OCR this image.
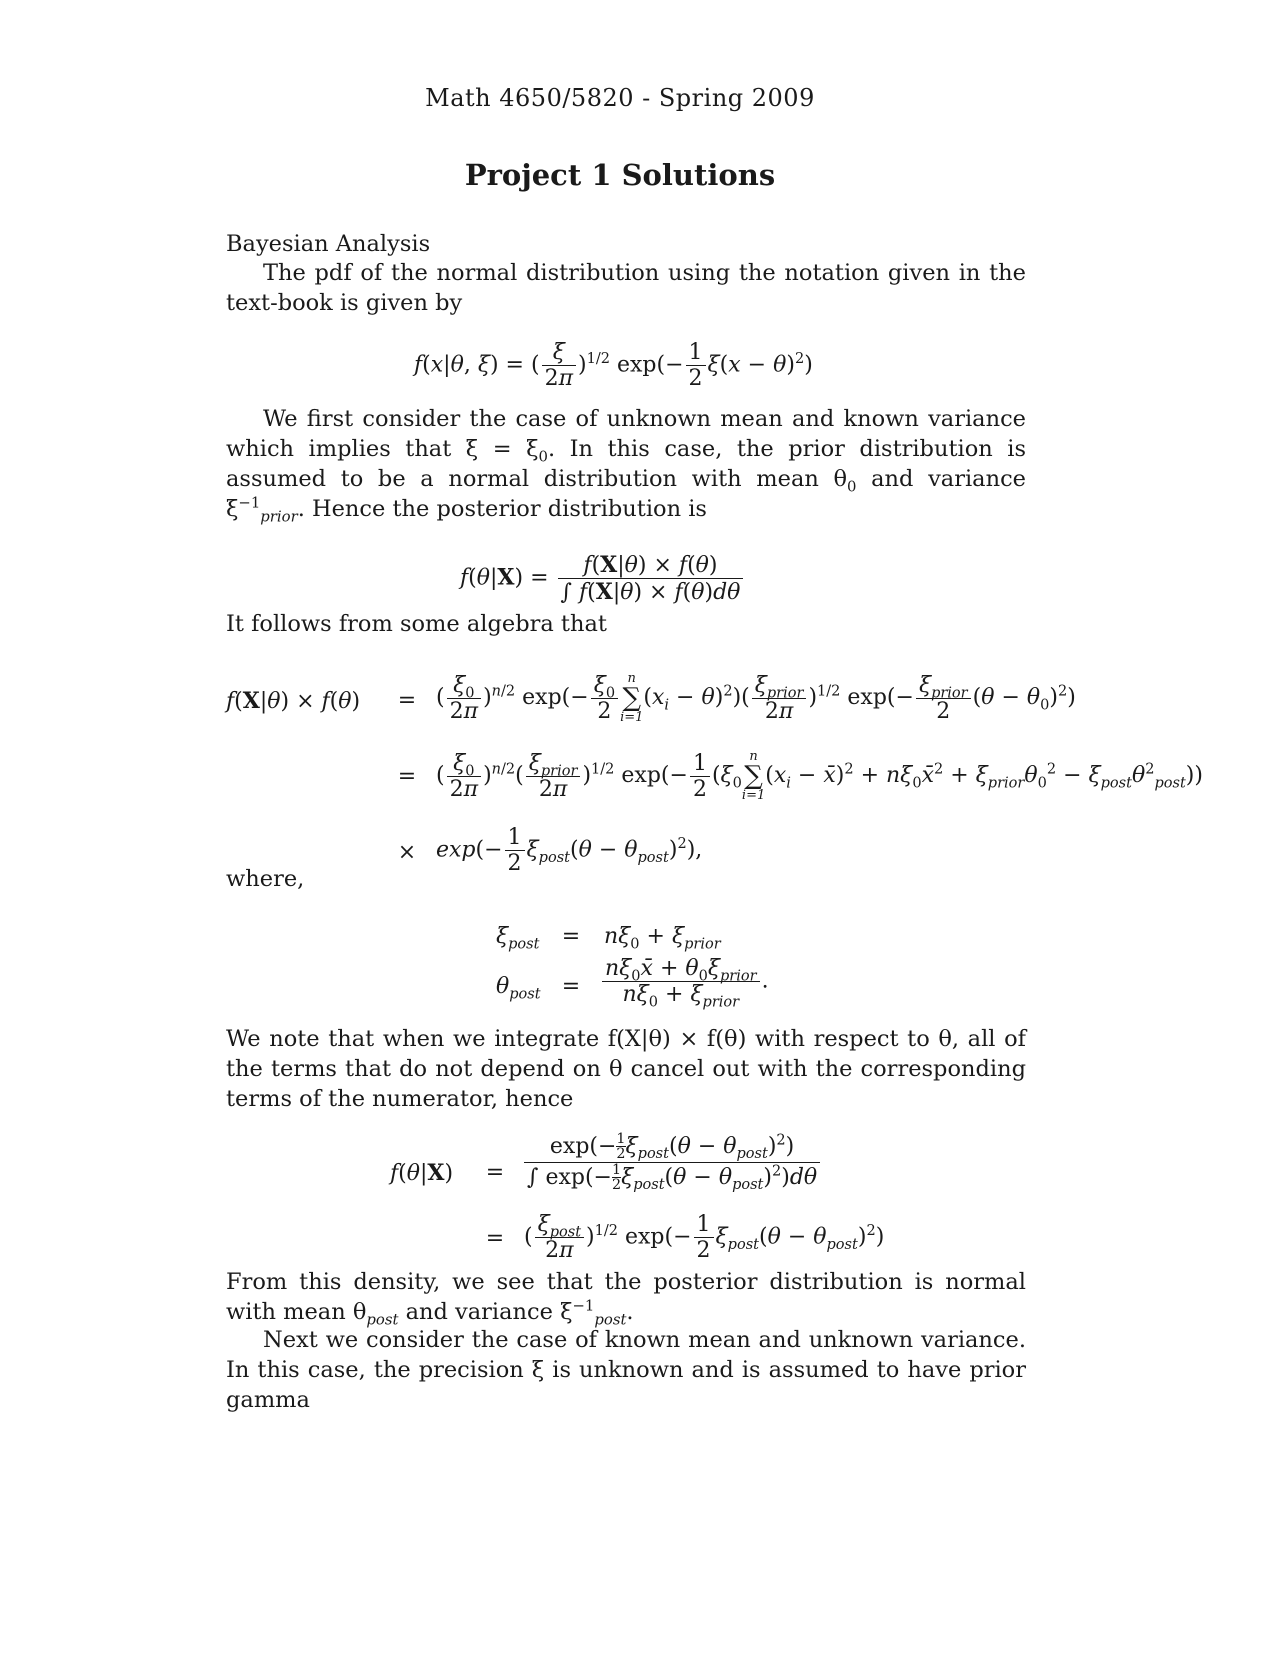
Math 4650/5820 - Spring 2009
Project 1 Solutions
Bayesian Analysis
The pdf of the normal distribution using the notation given in the text-book is given by
f(x|θ, ξ) = ( $\frac{\xi}{2\pi} )^{1/2}$ $\exp(- \frac{1}{2} \xi(x - \theta)^2)$
We first consider the case of unknown mean and known variance which implies that $\xi = \xi_0$. In this case, the prior distribution is assumed to be a normal distribution with mean $\theta_0$ and variance $\xi^{-1}_{prior}$. Hence the posterior distribution is
$f(\theta|X) = \frac{f(X|\theta) \times f(\theta)}{\int f(X|\theta) \times f(\theta)d\theta}$
It follows from some algebra that
f(X|θ) × f(θ) = ( $\frac{\xi_0}{2\pi} )^{n/2}$ $\exp(- \frac{\xi_0}{2}$ n
∑
i=1
$(x_i - \theta)^2)( \frac{\xi_{prior}}{2\pi} )^{1/2}$ $\exp(- \frac{\xi_{prior}}{2} (\theta - \theta_0)^2)$
= ( $\frac{\xi_0}{2\pi} )^{n/2}( \frac{\xi_{prior}}{2\pi} )^{1/2}$ $\exp(- \frac{1}{2} (\xi_0$
n
∑
i=1
($x_i$ − x̄)$^2$ + $n\xi_0x̄^2 + \xi_{prior}\theta_0^2 - \xi_{post}\theta^2_{post}$))
× $\exp(- \frac{1}{2} \xi_{post}(\theta - \theta_{post})^2)$,
where,
$\xi_{post} = n\xi_0 + \xi_{prior}$
$\theta_{post} = \frac{n\xi_0x̄ + \theta_0\xi_{prior}}{n\xi_0 + \xi_{prior}}$ .
We note that when we integrate f(X|θ) × f(θ) with respect to θ, all of the terms that do not depend on θ cancel out with the corresponding terms of the numerator, hence
$f(\theta|X) = \frac{\exp(- \frac{1}{2} \xi_{post}(\theta - \theta_{post})^2)}{\int \exp(- \frac{1}{2} \xi_{post}(\theta - \theta_{post})^2)d\theta}$
= ( $\frac{\xi_{post}}{2\pi} )^{1/2}$ $\exp(- \frac{1}{2} \xi_{post}(\theta - \theta_{post})^2)$
From this density, we see that the posterior distribution is normal with mean $\theta_{post}$ and variance $\xi^{-1}_{post}$.
Next we consider the case of known mean and unknown variance. In this case, the precision ξ is unknown and is assumed to have prior gamma
